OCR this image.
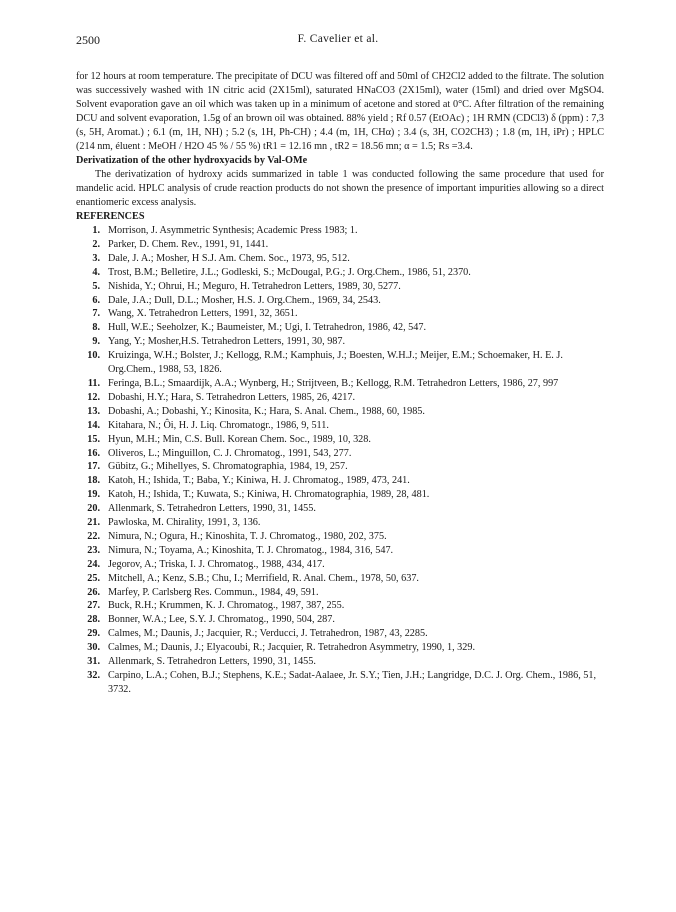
2500	F. Cavelier et al.

for 12 hours at room temperature. The precipitate of DCU was filtered off and 50ml of CH2Cl2 added to the filtrate. The solution was successively washed with 1N citric acid (2X15ml), saturated HNaCO3 (2X15ml), water (15ml) and dried over MgSO4. Solvent evaporation gave an oil which was taken up in a minimum of acetone and stored at 0°C. After filtration of the remaining DCU and solvent evaporation, 1.5g of an brown oil was obtained. 88% yield ; Rf 0.57 (EtOAc) ; 1H RMN (CDCl3) δ (ppm) : 7,3 (s, 5H, Aromat.) ; 6.1 (m, 1H, NH) ; 5.2 (s, 1H, Ph-CH) ; 4.4 (m, 1H, CHα) ; 3.4 (s, 3H, CO2CH3) ; 1.8 (m, 1H, iPr) ; HPLC (214 nm, éluent : MeOH / H2O 45 % / 55 %) tR1 = 12.16 mn , tR2 = 18.56 mn; α = 1.5; Rs =3.4.

Derivatization of the other hydroxyacids by Val-OMe

The derivatization of hydroxy acids summarized in table 1 was conducted following the same procedure that used for mandelic acid. HPLC analysis of crude reaction products do not shown the presence of important impurities allowing so a direct enantiomeric excess analysis.

REFERENCES

1. Morrison, J. Asymmetric Synthesis; Academic Press 1983; 1.
2. Parker, D. Chem. Rev., 1991, 91, 1441.
3. Dale, J. A.; Mosher, H S.J. Am. Chem. Soc., 1973, 95, 512.
4. Trost, B.M.; Belletire, J.L.; Godleski, S.; McDougal, P.G.; J. Org.Chem., 1986, 51, 2370.
5. Nishida, Y.; Ohrui, H.; Meguro, H. Tetrahedron Letters, 1989, 30, 5277.
6. Dale, J.A.; Dull, D.L.; Mosher, H.S. J. Org.Chem., 1969, 34, 2543.
7. Wang, X. Tetrahedron Letters, 1991, 32, 3651.
8. Hull, W.E.; Seeholzer, K.; Baumeister, M.; Ugi, I. Tetrahedron, 1986, 42, 547.
9. Yang, Y.; Mosher,H.S. Tetrahedron Letters, 1991, 30, 987.
10. Kruizinga, W.H.; Bolster, J.; Kellogg, R.M.; Kamphuis, J.; Boesten, W.H.J.; Meijer, E.M.; Schoemaker, H. E. J. Org.Chem., 1988, 53, 1826.
11. Feringa, B.L.; Smaardijk, A.A.; Wynberg, H.; Strijtveen, B.; Kellogg, R.M. Tetrahedron Letters, 1986, 27, 997
12. Dobashi, H.Y.; Hara, S. Tetrahedron Letters, 1985, 26, 4217.
13. Dobashi, A.; Dobashi, Y.; Kinosita, K.; Hara, S. Anal. Chem., 1988, 60, 1985.
14. Kitahara, N.; Ôi, H. J. Liq. Chromatogr., 1986, 9, 511.
15. Hyun, M.H.; Min, C.S. Bull. Korean Chem. Soc., 1989, 10, 328.
16. Oliveros, L.; Minguillon, C. J. Chromatog., 1991, 543, 277.
17. Gübitz, G.; Mihellyes, S. Chromatographia, 1984, 19, 257.
18. Katoh, H.; Ishida, T.; Baba, Y.; Kiniwa, H. J. Chromatog., 1989, 473, 241.
19. Katoh, H.; Ishida, T.; Kuwata, S.; Kiniwa, H. Chromatographia, 1989, 28, 481.
20. Allenmark, S. Tetrahedron Letters, 1990, 31, 1455.
21. Pawloska, M. Chirality, 1991, 3, 136.
22. Nimura, N.; Ogura, H.; Kinoshita, T. J. Chromatog., 1980, 202, 375.
23. Nimura, N.; Toyama, A.; Kinoshita, T. J. Chromatog., 1984, 316, 547.
24. Jegorov, A.; Triska, I. J. Chromatog., 1988, 434, 417.
25. Mitchell, A.; Kenz, S.B.; Chu, I.; Merrifield, R. Anal. Chem., 1978, 50, 637.
26. Marfey, P. Carlsberg Res. Commun., 1984, 49, 591.
27. Buck, R.H.; Krummen, K. J. Chromatog., 1987, 387, 255.
28. Bonner, W.A.; Lee, S.Y. J. Chromatog., 1990, 504, 287.
29. Calmes, M.; Daunis, J.; Jacquier, R.; Verducci, J. Tetrahedron, 1987, 43, 2285.
30. Calmes, M.; Daunis, J.; Elyacoubi, R.; Jacquier, R. Tetrahedron Asymmetry, 1990, 1, 329.
31. Allenmark, S. Tetrahedron Letters, 1990, 31, 1455.
32. Carpino, L.A.; Cohen, B.J.; Stephens, K.E.; Sadat-Aalaee, Jr. S.Y.; Tien, J.H.; Langridge, D.C. J. Org. Chem., 1986, 51, 3732.
